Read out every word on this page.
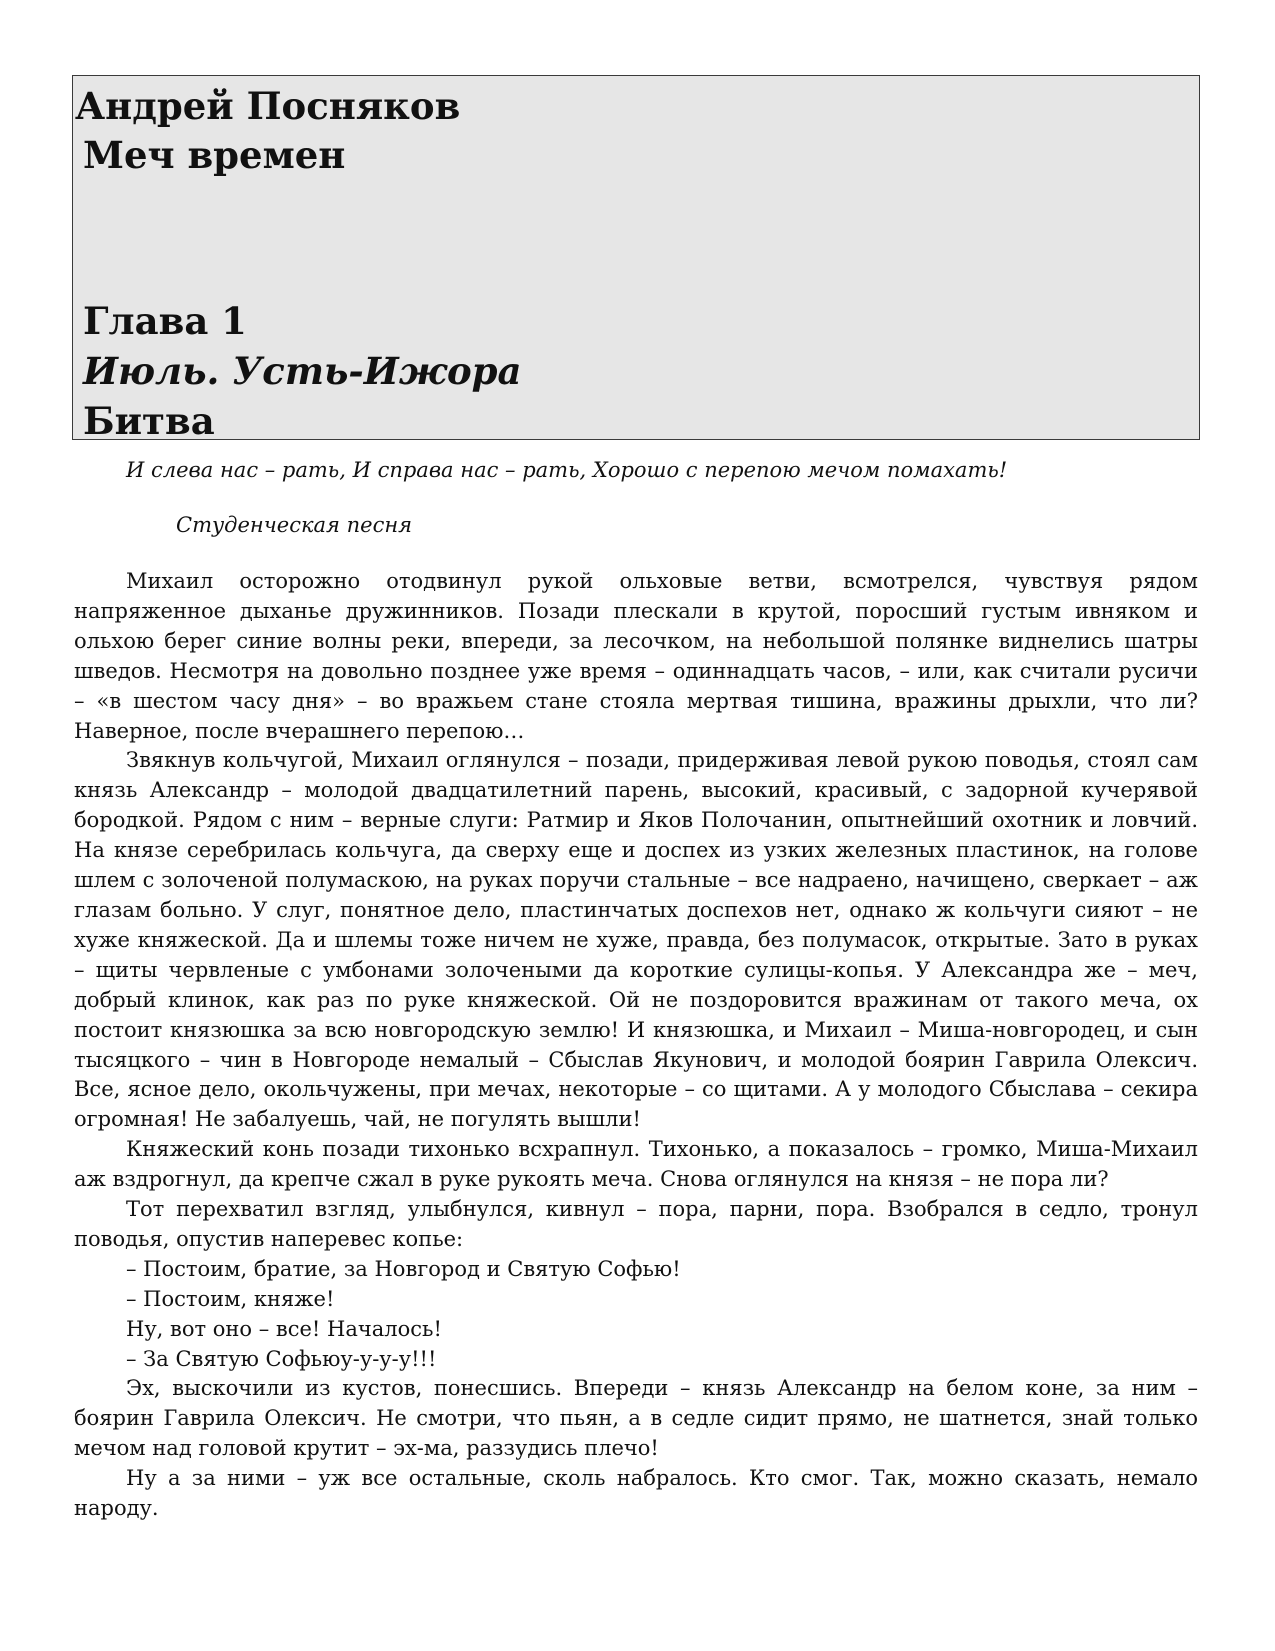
Андрей Посняков
Меч времен
Глава 1
Июль. Усть-Ижора
Битва
И слева нас – рать, И справа нас – рать, Хорошо с перепою мечом помахать!
Студенческая песня

Михаил осторожно отодвинул рукой ольховые ветви, всмотрелся, чувствуя рядом напряженное дыханье дружинников. Позади плескали в крутой, поросший густым ивняком и ольхою берег синие волны реки, впереди, за лесочком, на небольшой полянке виднелись шатры шведов. Несмотря на довольно позднее уже время – одиннадцать часов, – или, как считали русичи – «в шестом часу дня» – во вражьем стане стояла мертвая тишина, вражины дрыхли, что ли? Наверное, после вчерашнего перепою…

Звякнув кольчугой, Михаил оглянулся – позади, придерживая левой рукою поводья, стоял сам князь Александр – молодой двадцатилетний парень, высокий, красивый, с задорной кучерявой бородкой. Рядом с ним – верные слуги: Ратмир и Яков Полочанин, опытнейший охотник и ловчий. На князе серебрилась кольчуга, да сверху еще и доспех из узких железных пластинок, на голове шлем с золоченой полумаскою, на руках поручи стальные – все надраено, начищено, сверкает – аж глазам больно. У слуг, понятное дело, пластинчатых доспехов нет, однако ж кольчуги сияют – не хуже княжеской. Да и шлемы тоже ничем не хуже, правда, без полумасок, открытые. Зато в руках – щиты червленые с умбонами золочеными да короткие сулицы-копья. У Александра же – меч, добрый клинок, как раз по руке княжеской. Ой не поздоровится вражинам от такого меча, ох постоит князюшка за всю новгородскую землю! И князюшка, и Михаил – Миша-новгородец, и сын тысяцкого – чин в Новгороде немалый – Сбыслав Якунович, и молодой боярин Гаврила Олексич. Все, ясное дело, окольчужены, при мечах, некоторые – со щитами. А у молодого Сбыслава – секира огромная! Не забалуешь, чай, не погулять вышли!

Княжеский конь позади тихонько всхрапнул. Тихонько, а показалось – громко, Миша-Михаил аж вздрогнул, да крепче сжал в руке рукоять меча. Снова оглянулся на князя – не пора ли?

Тот перехватил взгляд, улыбнулся, кивнул – пора, парни, пора. Взобрался в седло, тронул поводья, опустив наперевес копье:

– Постоим, братие, за Новгород и Святую Софью!

– Постоим, княже!

Ну, вот оно – все! Началось!

– За Святую Софьюу-у-у-у!!!

Эх, выскочили из кустов, понесшись. Впереди – князь Александр на белом коне, за ним – боярин Гаврила Олексич. Не смотри, что пьян, а в седле сидит прямо, не шатнется, знай только мечом над головой крутит – эх-ма, раззудись плечо!

Ну а за ними – уж все остальные, сколь набралось. Кто смог. Так, можно сказать, немало народу.
